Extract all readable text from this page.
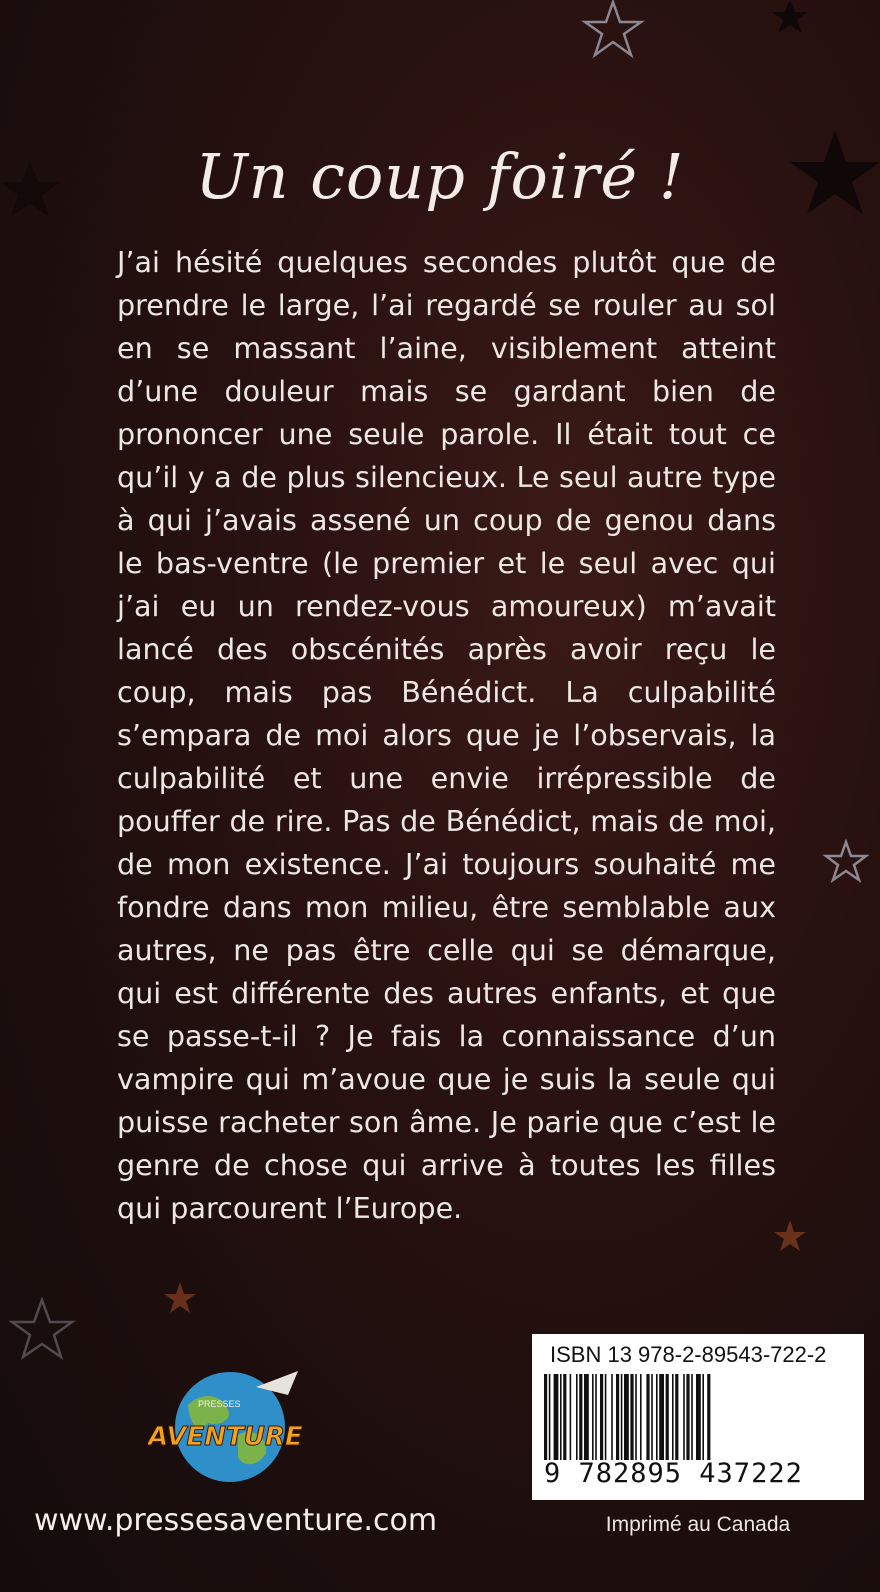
Un coup foiré !

J’ai hésité quelques secondes plutôt que de prendre le large, l’ai regardé se rouler au sol en se massant l’aine, visiblement atteint d’une douleur mais se gardant bien de prononcer une seule parole. Il était tout ce qu’il y a de plus silencieux. Le seul autre type à qui j’avais assené un coup de genou dans le bas-ventre (le premier et le seul avec qui j’ai eu un rendez-vous amoureux) m’avait lancé des obscénités après avoir reçu le coup, mais pas Bénédict. La culpabilité s’empara de moi alors que je l’observais, la culpabilité et une envie irrépressible de pouffer de rire. Pas de Bénédict, mais de moi, de mon existence. J’ai toujours souhaité me fondre dans mon milieu, être semblable aux autres, ne pas être celle qui se démarque, qui est différente des autres enfants, et que se passe-t-il ? Je fais la connaissance d’un vampire qui m’avoue que je suis la seule qui puisse racheter son âme. Je parie que c’est le genre de chose qui arrive à toutes les filles qui parcourent l’Europe.

PRESSES
AVENTURE
ISBN 13 978-2-89543-722-2
9 782895 437222
Imprimé au Canada
www.pressesaventure.com
